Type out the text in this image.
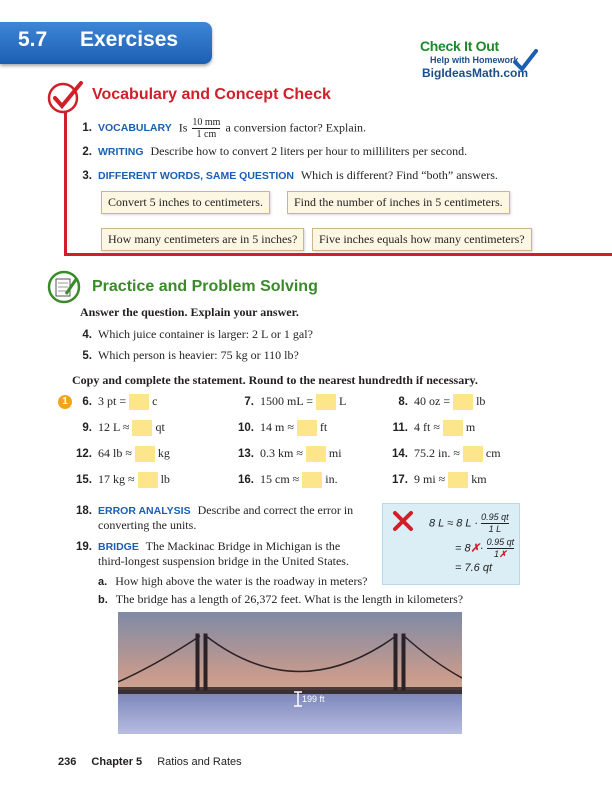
5.7 Exercises	Check It Out
Help with Homework
BigIdeasMath.com
Vocabulary and Concept Check
1. VOCABULARY Is $\frac{10 mm}{1 cm}$ a conversion factor? Explain.
2. WRITING Describe how to convert 2 liters per hour to milliliters per second.
3. DIFFERENT WORDS, SAME QUESTION Which is different? Find “both” answers.
Convert 5 inches to centimeters.	Find the number of inches in 5 centimeters.
How many centimeters are in 5 inches?	Five inches equals how many centimeters?
Practice and Problem Solving
Answer the question. Explain your answer.
4. Which juice container is larger: 2 L or 1 gal?
5. Which person is heavier: 75 kg or 110 lb?
Copy and complete the statement. Round to the nearest hundredth if necessary.
1	6. 3 pt = c	7. 1500 mL = L	8. 40 oz = lb
9. 12 L ≈ qt	10. 14 m ≈ ft	11. 4 ft ≈ m
12. 64 lb ≈ kg	13. 0.3 km ≈ mi	14. 75.2 in. ≈ cm
15. 17 kg ≈ lb	16. 15 cm ≈ in.	17. 9 mi ≈ km
18. ERROR ANALYSIS Describe and correct the error in
converting the units.
19. BRIDGE The Mackinac Bridge in Michigan is the
third-longest suspension bridge in the United States.
a. How high above the water is the roadway in meters?
b. The bridge has a length of 26,372 feet. What is the length in kilometers?
8 L ≈ 8 $L \cdot \frac{0.95 qt}{1 L}$
= 8✗· $\frac{0.95 qt}{1✗}$
= 7.6 qt
199 ft
236 Chapter 5 Ratios and Rates
